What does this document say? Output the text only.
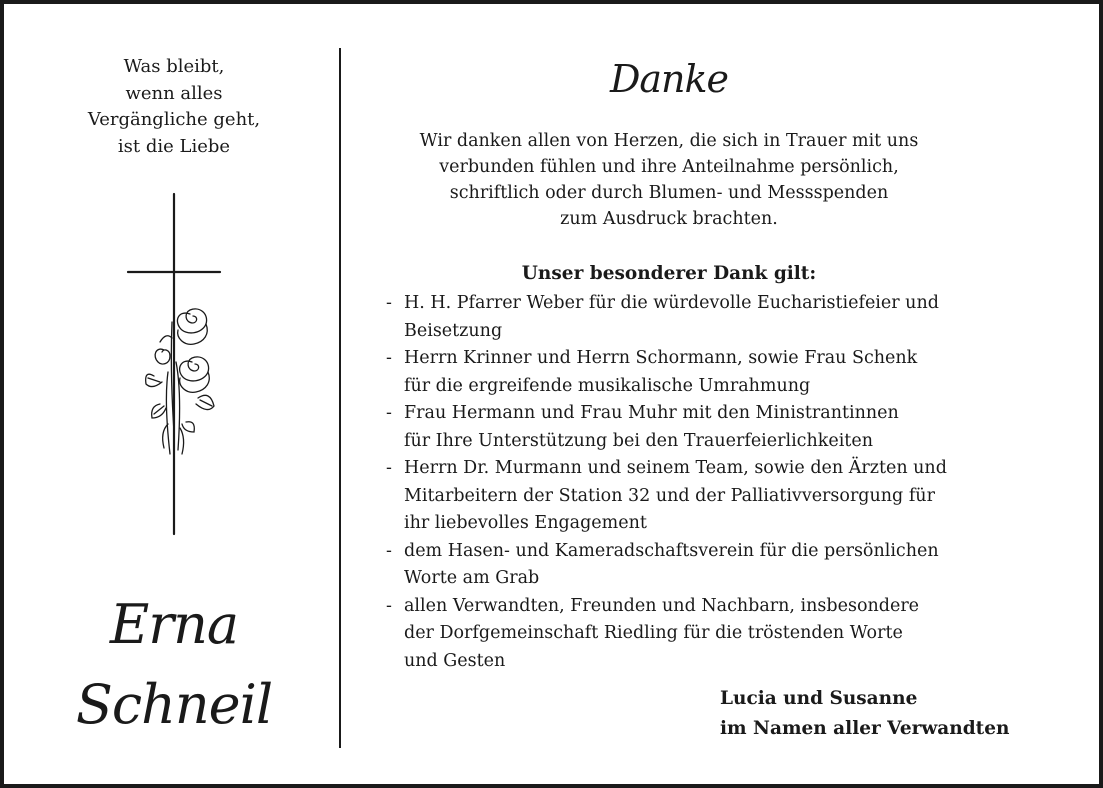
Was bleibt,
wenn alles
Vergängliche geht,
ist die Liebe
Erna
Schneil
Danke
Wir danken allen von Herzen, die sich in Trauer mit uns
verbunden fühlen und ihre Anteilnahme persönlich,
schriftlich oder durch Blumen- und Messspenden
zum Ausdruck brachten.
Unser besonderer Dank gilt:
- H. H. Pfarrer Weber für die würdevolle Eucharistiefeier und
Beisetzung
- Herrn Krinner und Herrn Schormann, sowie Frau Schenk
für die ergreifende musikalische Umrahmung
- Frau Hermann und Frau Muhr mit den Ministrantinnen
für Ihre Unterstützung bei den Trauerfeierlichkeiten
- Herrn Dr. Murmann und seinem Team, sowie den Ärzten und
Mitarbeitern der Station 32 und der Palliativversorgung für
ihr liebevolles Engagement
- dem Hasen- und Kameradschaftsverein für die persönlichen
Worte am Grab
- allen Verwandten, Freunden und Nachbarn, insbesondere
der Dorfgemeinschaft Riedling für die tröstenden Worte
und Gesten
Lucia und Susanne
im Namen aller Verwandten
